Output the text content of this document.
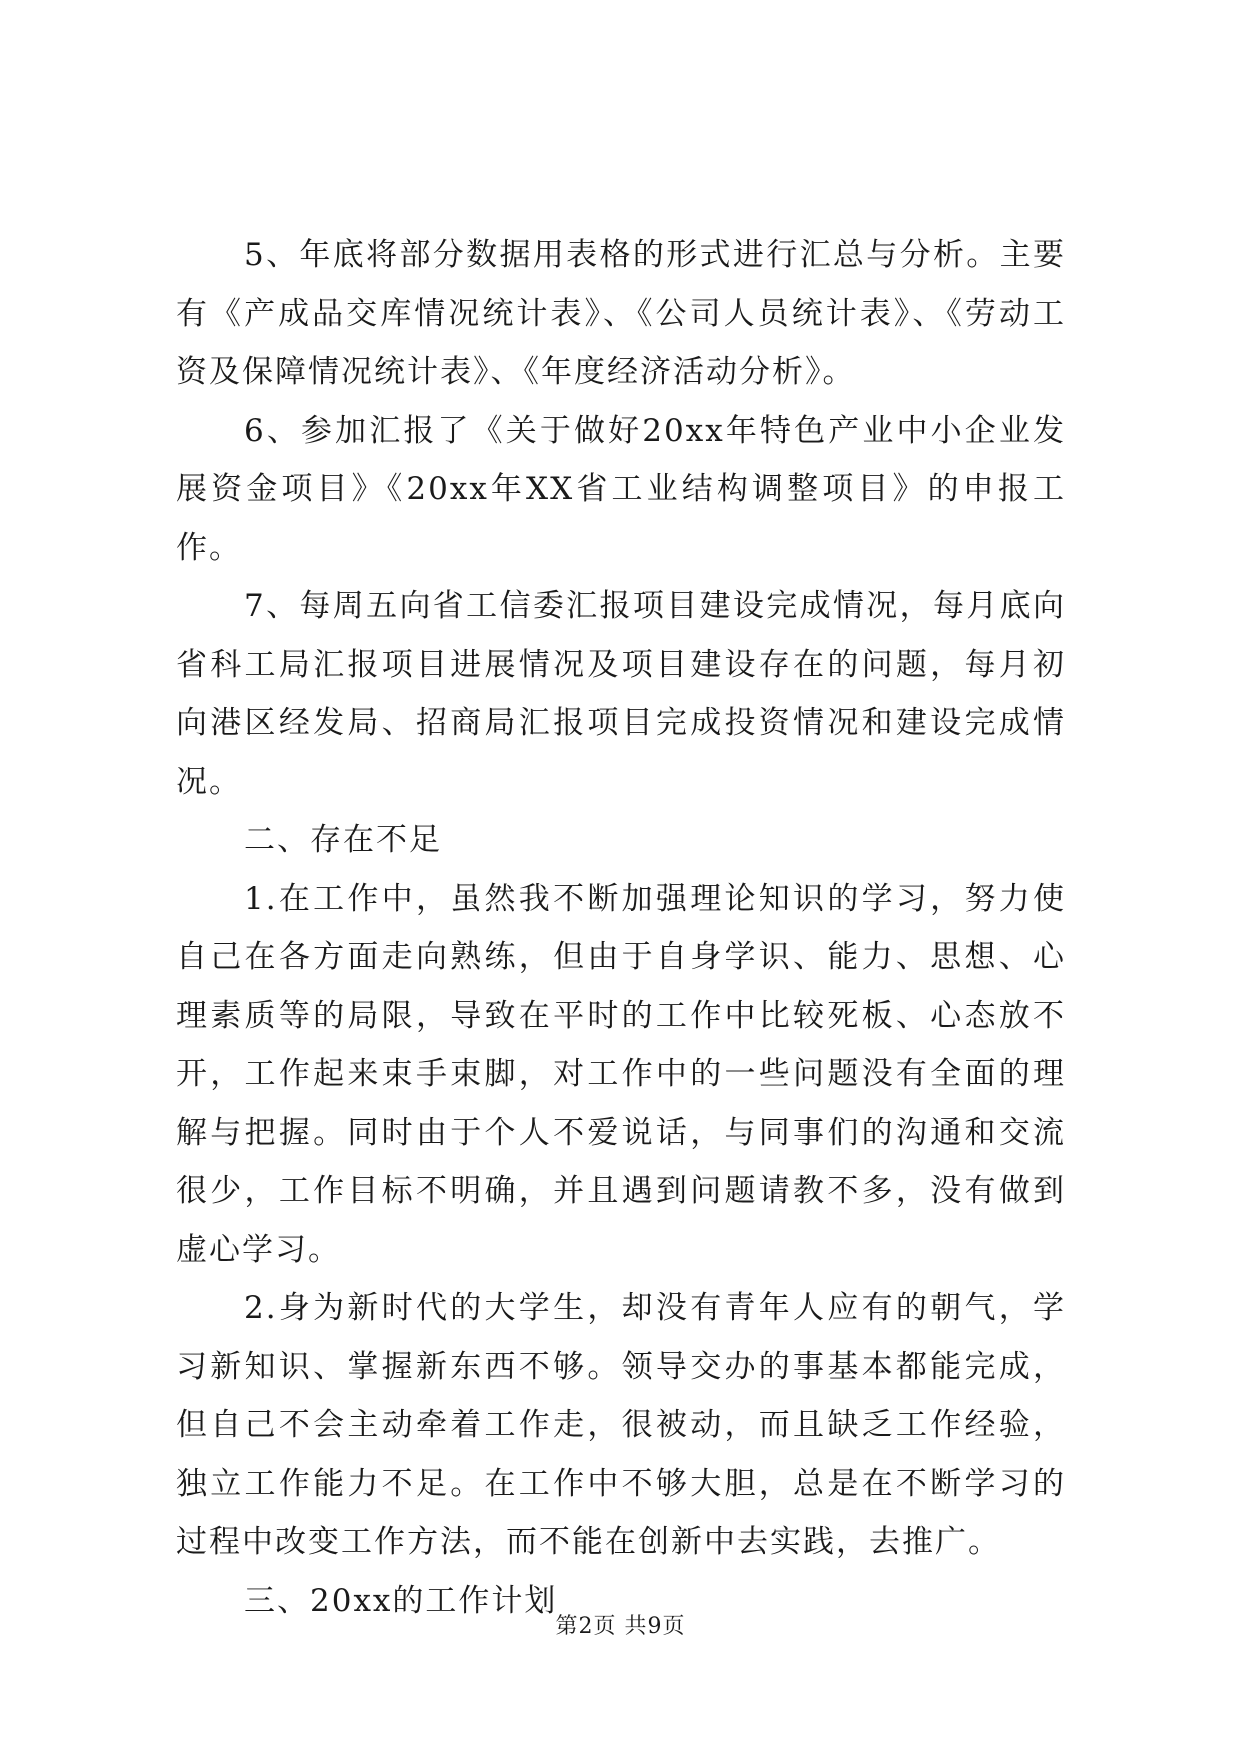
5、年底将部分数据用表格的形式进行汇总与分析。主要有《产成品交库情况统计表》、《公司人员统计表》、《劳动工资及保障情况统计表》、《年度经济活动分析》。

6、参加汇报了《关于做好20xx年特色产业中小企业发展资金项目》《20xx年XX省工业结构调整项目》的申报工作。

7、每周五向省工信委汇报项目建设完成情况，每月底向省科工局汇报项目进展情况及项目建设存在的问题，每月初向港区经发局、招商局汇报项目完成投资情况和建设完成情况。

二、存在不足

1.在工作中，虽然我不断加强理论知识的学习，努力使自己在各方面走向熟练，但由于自身学识、能力、思想、心理素质等的局限，导致在平时的工作中比较死板、心态放不开，工作起来束手束脚，对工作中的一些问题没有全面的理解与把握。同时由于个人不爱说话，与同事们的沟通和交流很少，工作目标不明确，并且遇到问题请教不多，没有做到虚心学习。

2.身为新时代的大学生，却没有青年人应有的朝气，学习新知识、掌握新东西不够。领导交办的事基本都能完成，但自己不会主动牵着工作走，很被动，而且缺乏工作经验，独立工作能力不足。在工作中不够大胆，总是在不断学习的过程中改变工作方法，而不能在创新中去实践，去推广。

三、20xx的工作计划

第2页 共9页
